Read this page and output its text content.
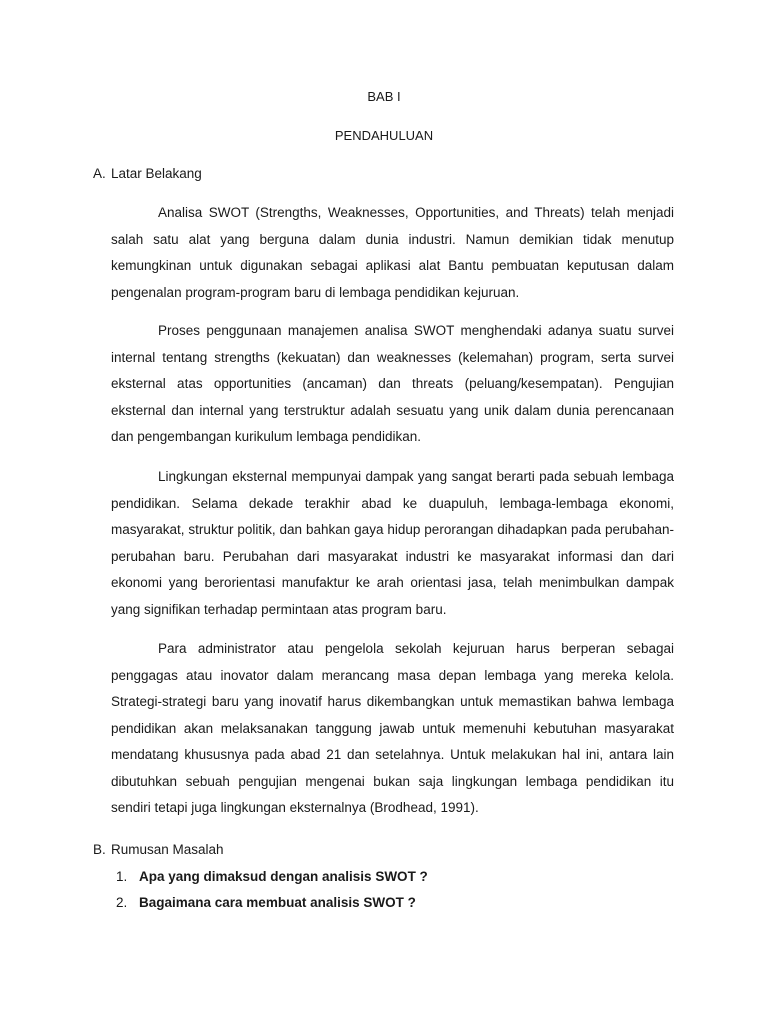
BAB I
PENDAHULUAN
A. Latar Belakang

Analisa SWOT (Strengths, Weaknesses, Opportunities, and Threats) telah menjadi salah satu alat yang berguna dalam dunia industri. Namun demikian tidak menutup kemungkinan untuk digunakan sebagai aplikasi alat Bantu pembuatan keputusan dalam pengenalan program-program baru di lembaga pendidikan kejuruan.

Proses penggunaan manajemen analisa SWOT menghendaki adanya suatu survei internal tentang strengths (kekuatan) dan weaknesses (kelemahan) program, serta survei eksternal atas opportunities (ancaman) dan threats (peluang/kesempatan). Pengujian eksternal dan internal yang terstruktur adalah sesuatu yang unik dalam dunia perencanaan dan pengembangan kurikulum lembaga pendidikan.

Lingkungan eksternal mempunyai dampak yang sangat berarti pada sebuah lembaga pendidikan. Selama dekade terakhir abad ke duapuluh, lembaga-lembaga ekonomi, masyarakat, struktur politik, dan bahkan gaya hidup perorangan dihadapkan pada perubahan-perubahan baru. Perubahan dari masyarakat industri ke masyarakat informasi dan dari ekonomi yang berorientasi manufaktur ke arah orientasi jasa, telah menimbulkan dampak yang signifikan terhadap permintaan atas program baru.

Para administrator atau pengelola sekolah kejuruan harus berperan sebagai penggagas atau inovator dalam merancang masa depan lembaga yang mereka kelola. Strategi-strategi baru yang inovatif harus dikembangkan untuk memastikan bahwa lembaga pendidikan akan melaksanakan tanggung jawab untuk memenuhi kebutuhan masyarakat mendatang khususnya pada abad 21 dan setelahnya. Untuk melakukan hal ini, antara lain dibutuhkan sebuah pengujian mengenai bukan saja lingkungan lembaga pendidikan itu sendiri tetapi juga lingkungan eksternalnya (Brodhead, 1991).

B. Rumusan Masalah
1. Apa yang dimaksud dengan analisis SWOT ?
2. Bagaimana cara membuat analisis SWOT ?
